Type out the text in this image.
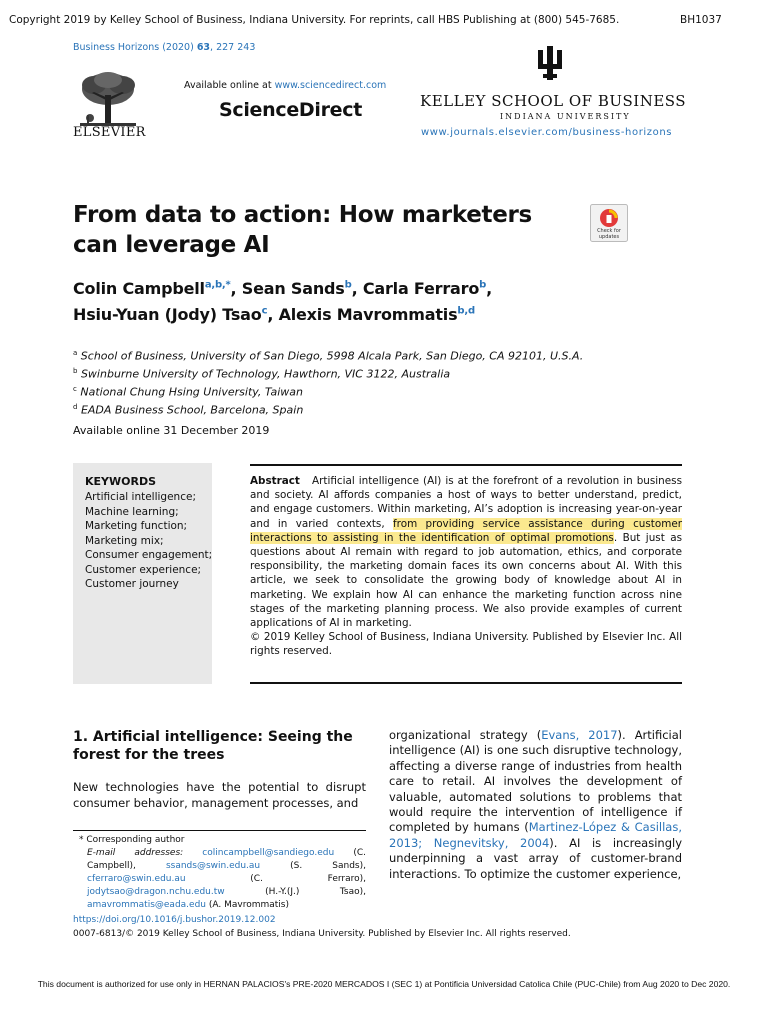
Copyright 2019 by Kelley School of Business, Indiana University. For reprints, call HBS Publishing at (800) 545-7685.	BH1037
Business Horizons (2020) 63, 227 243
ELSEVIER
Available online at www.sciencedirect.com
ScienceDirect	KELLEY SCHOOL OF BUSINESS
INDIANA UNIVERSITY
www.journals.elsevier.com/business-horizons
From data to action: How marketers can leverage AI
Check for
updates
Colin Campbell$^{a,b,*}$, Sean Sands$^b$, Carla Ferraro$^b$,
Hsiu-Yuan (Jody) Tsao$^c$, Alexis Mavrommatis$^{b,d}$
$^a$ School of Business, University of San Diego, 5998 Alcala Park, San Diego, CA 92101, U.S.A.
$^b$ Swinburne University of Technology, Hawthorn, VIC 3122, Australia
$^c$ National Chung Hsing University, Taiwan
$^d$ EADA Business School, Barcelona, Spain
Available online 31 December 2019
KEYWORDS
Artificial intelligence;
Machine learning;
Marketing function;
Marketing mix;
Consumer engagement;
Customer experience;
Customer journey
Abstract Artificial intelligence (AI) is at the forefront of a revolution in business and society. AI affords companies a host of ways to better understand, predict, and engage customers. Within marketing, AI’s adoption is increasing year-on-year and in varied contexts, from providing service assistance during customer interactions to assisting in the identification of optimal promotions. But just as questions about AI remain with regard to job automation, ethics, and corporate responsibility, the marketing domain faces its own concerns about AI. With this article, we seek to consolidate the growing body of knowledge about AI in marketing. We explain how AI can enhance the marketing function across nine stages of the marketing planning process. We also provide examples of current applications of AI in marketing.
© 2019 Kelley School of Business, Indiana University. Published by Elsevier Inc. All rights reserved.
1. Artificial intelligence: Seeing the forest for the trees
New technologies have the potential to disrupt consumer behavior, management processes, and
* Corresponding author
E-mail addresses: colincampbell@sandiego.edu (C. Campbell), ssands@swin.edu.au (S. Sands), cferraro@swin.edu.au (C. Ferraro), jodytsao@dragon.nchu.edu.tw (H.-Y.(J.) Tsao), amavrommatis@eada.edu (A. Mavrommatis)
organizational strategy (Evans, 2017). Artificial intelligence (AI) is one such disruptive technology, affecting a diverse range of industries from health care to retail. AI involves the development of valuable, automated solutions to problems that would require the intervention of intelligence if completed by humans (Martinez-López & Casillas, 2013; Negnevitsky, 2004). AI is increasingly underpinning a vast array of customer-brand interactions. To optimize the customer experience,
https://doi.org/10.1016/j.bushor.2019.12.002
0007-6813/© 2019 Kelley School of Business, Indiana University. Published by Elsevier Inc. All rights reserved.
This document is authorized for use only in HERNAN PALACIOS's PRE-2020 MERCADOS I (SEC 1) at Pontificia Universidad Catolica Chile (PUC-Chile) from Aug 2020 to Dec 2020.
